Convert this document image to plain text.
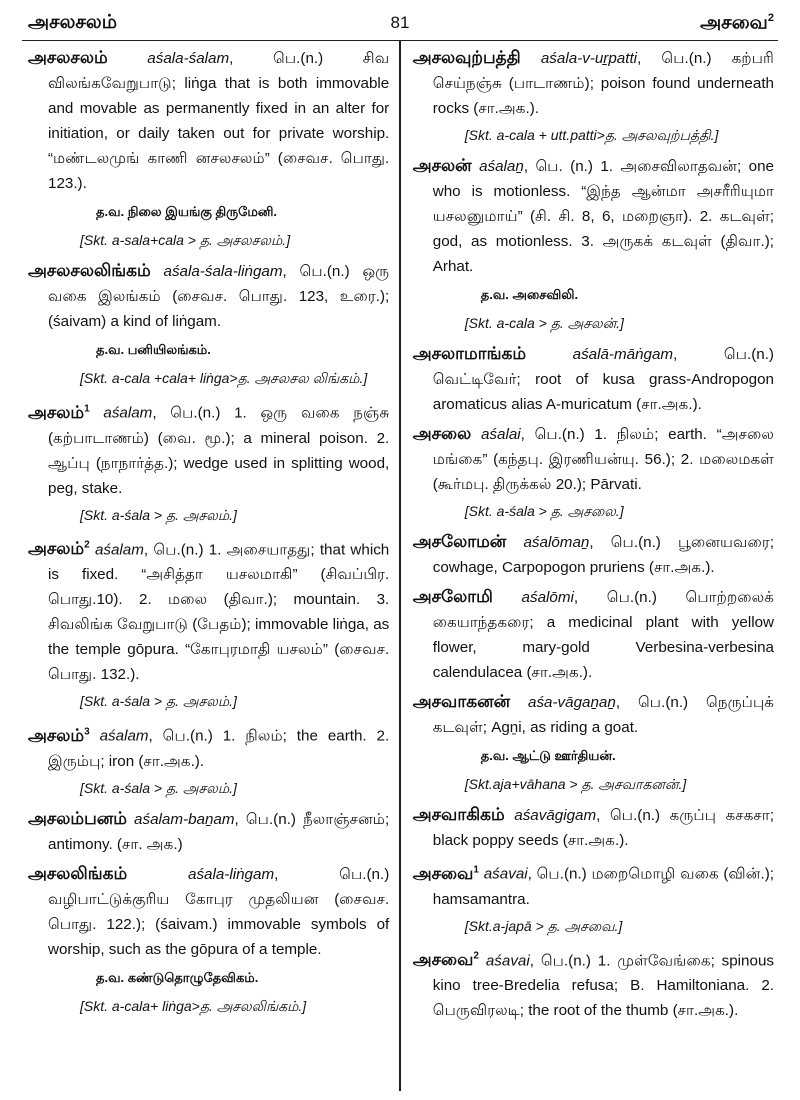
அசலசலம்	81	அசவை$^2$

அசலசலம்	aśala-śalam, பெ.(n.) சிவ விலங்கவேறுபாடு; liṅga that is both immovable and movable as permanently fixed in an alter for initiation, or daily taken out for private worship. “மண்டலமுங் காணி னசலசலம்” (சைவச. பொது. 123.).

த.வ. நிலை இயங்கு திருமேனி.
[Skt. a-sala+cala > த. அசலசலம்.]

அசலசலலிங்கம் aśala-śala-liṅgam, பெ.(n.) ஒரு வகை இலங்கம் (சைவச. பொது. 123, உரை.); (śaivam) a kind of liṅgam.

த.வ. பனியிலங்கம்.
[Skt. a-cala +cala+ liṅga>த. அசலசல லிங்கம்.]

அசலம்$^1$ aśalam, பெ.(n.) 1. ஒரு வகை நஞ்சு (கற்பாடாணம்) (வை. மூ.); a mineral poison. 2. ஆப்பு (நாநார்த்த.); wedge used in splitting wood, peg, stake.

[Skt. a-śala > த. அசலம்.]

அசலம்$^2$ aśalam, பெ.(n.) 1. அசையாதது; that which is fixed. “அசித்தா யசலமாகி” (சிவப்பிர. பொது.10). 2. மலை (திவா.); mountain. 3. சிவலிங்க வேறுபாடு (பேதம்); immovable liṅga, as the temple gōpura. “கோபுரமாதி யசலம்” (சைவச. பொது. 132.).

[Skt. a-śala > த. அசலம்.]

அசலம்$^3$ aśalam, பெ.(n.) 1. நிலம்; the earth. 2. இரும்பு; iron (சா.அக.).

[Skt. a-śala > த. அசலம்.]

அசலம்பனம் aśalam-baṉam, பெ.(n.) நீலாஞ்சனம்; antimony. (சா. அக.)

அசலலிங்கம்	aśala-liṅgam, பெ.(n.) வழிபாட்டுக்குரிய கோபுர முதலியன (சைவச. பொது. 122.); (śaivam.) immovable symbols of worship, such as the gōpura of a temple.

த.வ. கண்டுதொழுதேவிகம்.
[Skt. a-cala+ liṅga>த. அசலலிங்கம்.]

அசலவுற்பத்தி aśala-v-uṟpatti, பெ.(n.) கற்பரி செய்நஞ்சு (பாடாணம்); poison found underneath rocks (சா.அக.).

[Skt. a-cala + utt.patti>த. அசலவுற்பத்தி.]

அசலன் aśalaṉ, பெ. (n.) 1. அசைவிலாதவன்; one who is motionless. “இந்த ஆன்மா அசரீரியுமா யசலனுமாய்” (சி. சி. 8, 6, மறைஞா). 2. கடவுள்; god, as motionless. 3. அருகக் கடவுள் (திவா.); Arhat.

த.வ. அசைவிலி.
[Skt. a-cala > த. அசலன்.]

அசலாமாங்கம்	aśalā-māṅgam, பெ.(n.) வெட்டிவேர்; root of kusa grass-Andropogon aromaticus alias A-muricatum (சா.அக.).

அசலை aśalai, பெ.(n.) 1. நிலம்; earth. “அசலை மங்கை” (கந்தபு. இரணியன்யு. 56.); 2. மலைமகள் (கூர்மபு. திருக்கல் 20.); Pārvati.

[Skt. a-śala > த. அசலை.]

அசலோமன் aśalōmaṉ, பெ.(n.) பூனையவரை; cowhage, Carpopogon pruriens (சா.அக.).

அசலோமி aśalōmi, பெ.(n.) பொற்றலைக் கையாந்தகரை; a medicinal plant with yellow flower, mary-gold Verbesina-verbesina calendulacea (சா.அக.).

அசவாகனன் aśa-vāgaṉaṉ, பெ.(n.) நெருப்புக் கடவுள்; Agṉi, as riding a goat.

த.வ. ஆட்டு ஊர்தியன்.
[Skt.aja+vāhana > த. அசவாகனன்.]

அசவாகிகம் aśavāgigam, பெ.(n.) கருப்பு கசகசா; black poppy seeds (சா.அக.).

அசவை$^1$ aśavai, பெ.(n.) மறைமொழி வகை (வின்.); hamsamantra.

[Skt.a-japā > த. அசவை.]

அசவை$^2$ aśavai, பெ.(n.) 1. முள்வேங்கை; spinous kino tree-Bredelia refusa; B. Hamiltoniana. 2. பெருவிரலடி; the root of the thumb (சா.அக.).
